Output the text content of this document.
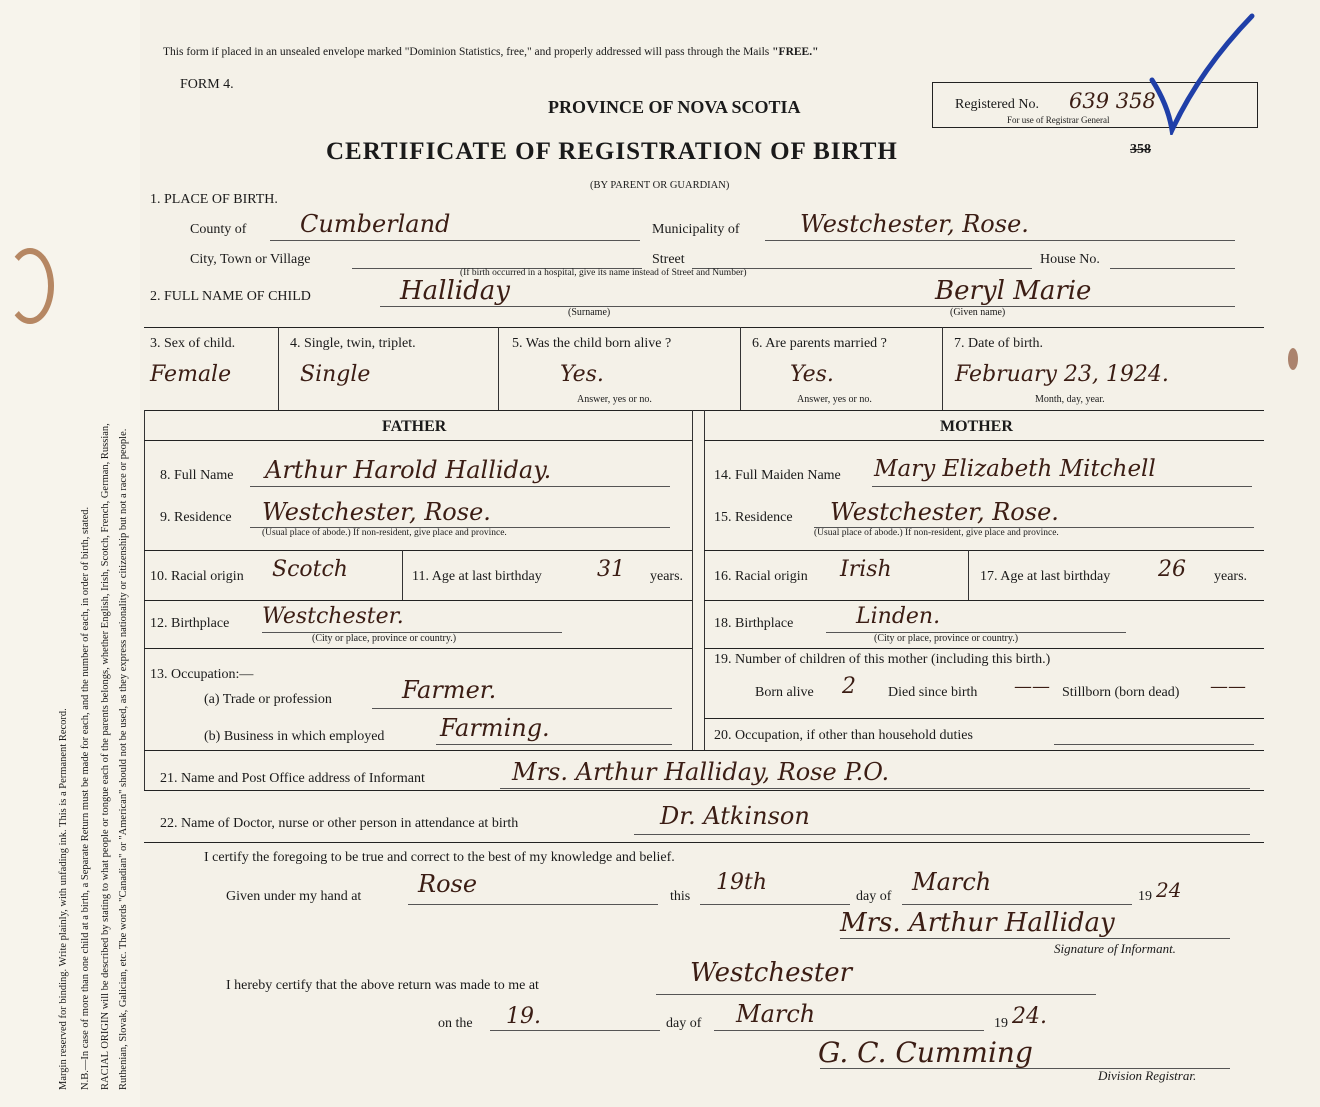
Margin reserved for binding. Write plainly, with unfading ink. This is a Permanent Record. N.B.—In case of more than one child at a birth, a Separate Return must be made for each, and the number of each, in order of birth, stated. RACIAL ORIGIN will be described by stating to what people or tongue each of the parents belongs, whether English, Irish, Scotch, French, German, Russian, Ruthenian, Slovak, Galician, etc. The words "Canadian" or "American" should not be used, as they express nationality or citizenship but not a race or people.
This form if placed in an unsealed envelope marked "Dominion Statistics, free," and properly addressed will pass through the Mails "FREE."
FORM 4.
PROVINCE OF NOVA SCOTIA
CERTIFICATE OF REGISTRATION OF BIRTH
(BY PARENT OR GUARDIAN)
Registered No. 639 358
For use of Registrar General
358
1. PLACE OF BIRTH.
County of Cumberland	Municipality of	Westchester, Rose.
City, Town or Village	Street	House No.
(If birth occurred in a hospital, give its name instead of Street and Number)
2. FULL NAME OF CHILD	Halliday
(Surname)
Beryl Marie
(Given name)
3. Sex of child.
Female
4. Single, twin, triplet.
Single
5. Was the child born alive ?
Yes.
Answer, yes or no.
6. Are parents married ?
Yes.
Answer, yes or no.
7. Date of birth.
February 23, 1924.
Month, day, year.
FATHER	MOTHER
8. Full Name Arthur Harold Halliday.
9. Residence Westchester, Rose.
(Usual place of abode.) If non-resident, give place and province.
10. Racial origin Scotch	11. Age at last birthday	31 years.
12. Birthplace Westchester.
(City or place, province or country.)
13. Occupation:—
(a) Trade or profession	Farmer.
(b) Business in which employed Farming.
14. Full Maiden Name Mary Elizabeth Mitchell
15. Residence Westchester, Rose.
(Usual place of abode.) If non-resident, give place and province.
16. Racial origin Irish	17. Age at last birthday 26 years.
18. Birthplace	Linden.
(City or place, province or country.)
19. Number of children of this mother (including this birth.)
Born alive 2 Died since birth —— Stillborn (born dead) ——
20. Occupation, if other than household duties
21. Name and Post Office address of Informant	Mrs. Arthur Halliday, Rose P.O.
22. Name of Doctor, nurse or other person in attendance at birth	Dr. Atkinson
I certify the foregoing to be true and correct to the best of my knowledge and belief.
Given under my hand at Rose	this
19th
day of
March
19 24
Mrs. Arthur Halliday
Signature of Informant.
I hereby certify that the above return was made to me at	Westchester
on the 19.	day of March	19 24.
G. C. Cumming
Division Registrar.
